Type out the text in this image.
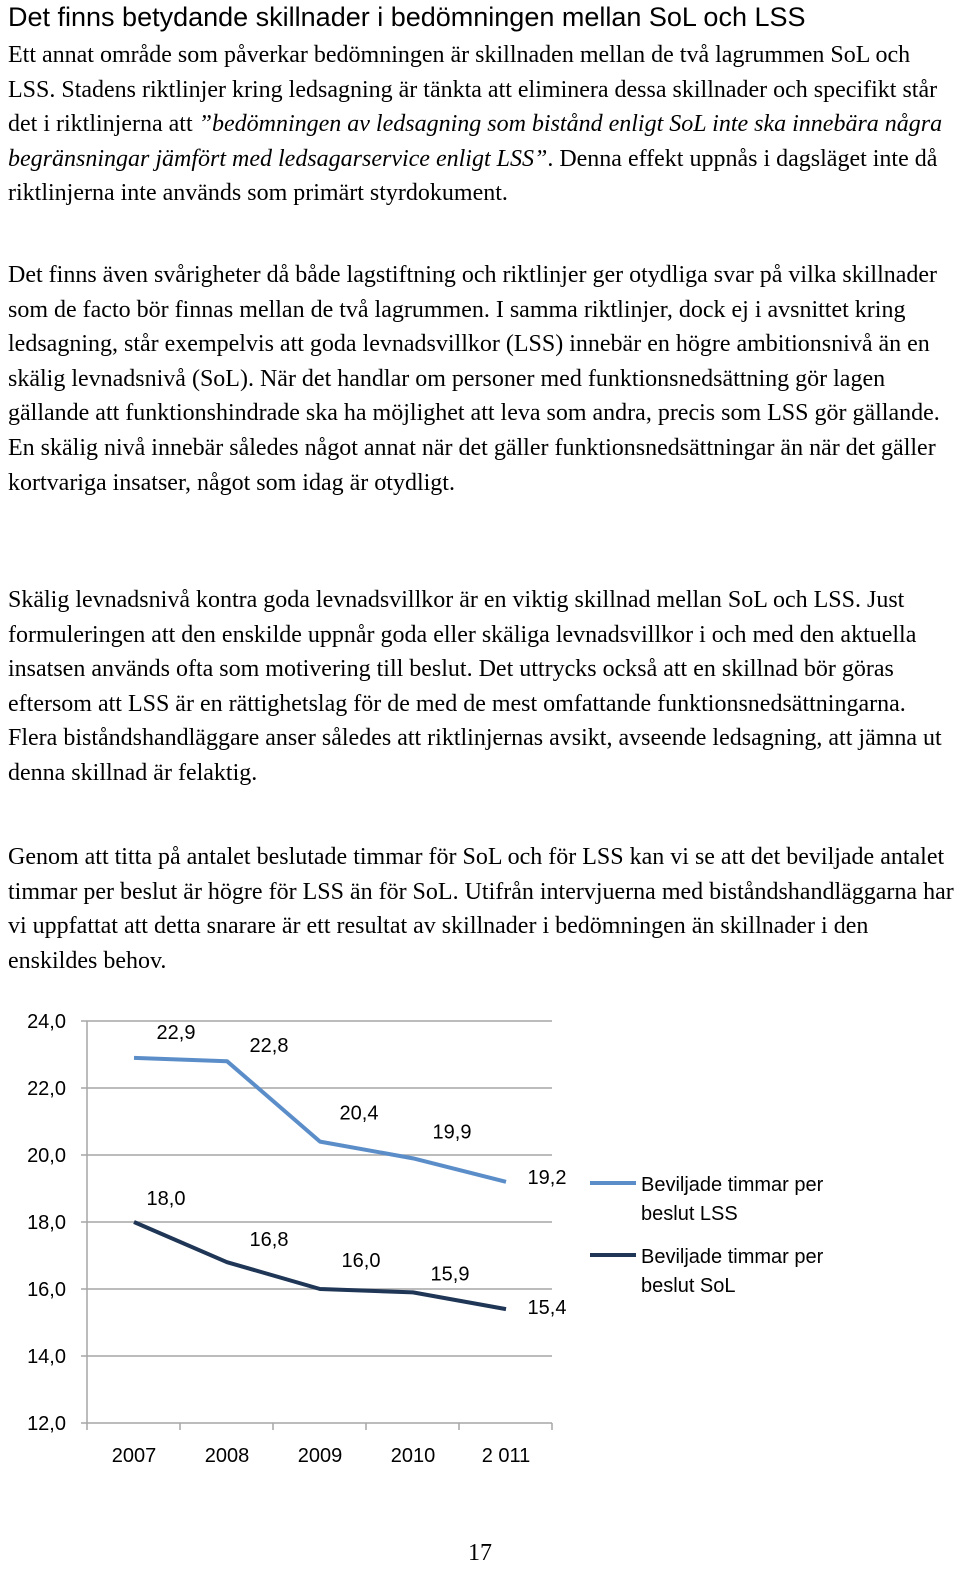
Det finns betydande skillnader i bedömningen mellan SoL och LSS

Ett annat område som påverkar bedömningen är skillnaden mellan de två lagrummen SoL och LSS. Stadens riktlinjer kring ledsagning är tänkta att eliminera dessa skillnader och specifikt står det i riktlinjerna att ”bedömningen av ledsagning som bistånd enligt SoL inte ska innebära några begränsningar jämfört med ledsagarservice enligt LSS”. Denna effekt uppnås i dagsläget inte då riktlinjerna inte används som primärt styrdokument.

Det finns även svårigheter då både lagstiftning och riktlinjer ger otydliga svar på vilka skillnader som de facto bör finnas mellan de två lagrummen. I samma riktlinjer, dock ej i avsnittet kring ledsagning, står exempelvis att goda levnadsvillkor (LSS) innebär en högre ambitionsnivå än en skälig levnadsnivå (SoL). När det handlar om personer med funktionsnedsättning gör lagen gällande att funktionshindrade ska ha möjlighet att leva som andra, precis som LSS gör gällande. En skälig nivå innebär således något annat när det gäller funktionsnedsättningar än när det gäller kortvariga insatser, något som idag är otydligt.

Skälig levnadsnivå kontra goda levnadsvillkor är en viktig skillnad mellan SoL och LSS. Just formuleringen att den enskilde uppnår goda eller skäliga levnadsvillkor i och med den aktuella insatsen används ofta som motivering till beslut. Det uttrycks också att en skillnad bör göras eftersom att LSS är en rättighetslag för de med de mest omfattande funktionsnedsättningarna. Flera biståndshandläggare anser således att riktlinjernas avsikt, avseende ledsagning, att jämna ut denna skillnad är felaktig.

Genom att titta på antalet beslutade timmar för SoL och för LSS kan vi se att det beviljade antalet timmar per beslut är högre för LSS än för SoL. Utifrån intervjuerna med biståndshandläggarna har vi uppfattat att detta snarare är ett resultat av skillnader i bedömningen än skillnader i den enskildes behov.

24,0
22,0
20,0
18,0
16,0
14,0
12,0
2007 2008 2009 2010 2 011
22,9
22,8
20,4
19,9
19,2
18,0
16,8
16,0
15,9
15,4
Beviljade timmar per
beslut LSS
Beviljade timmar per
beslut SoL
17
